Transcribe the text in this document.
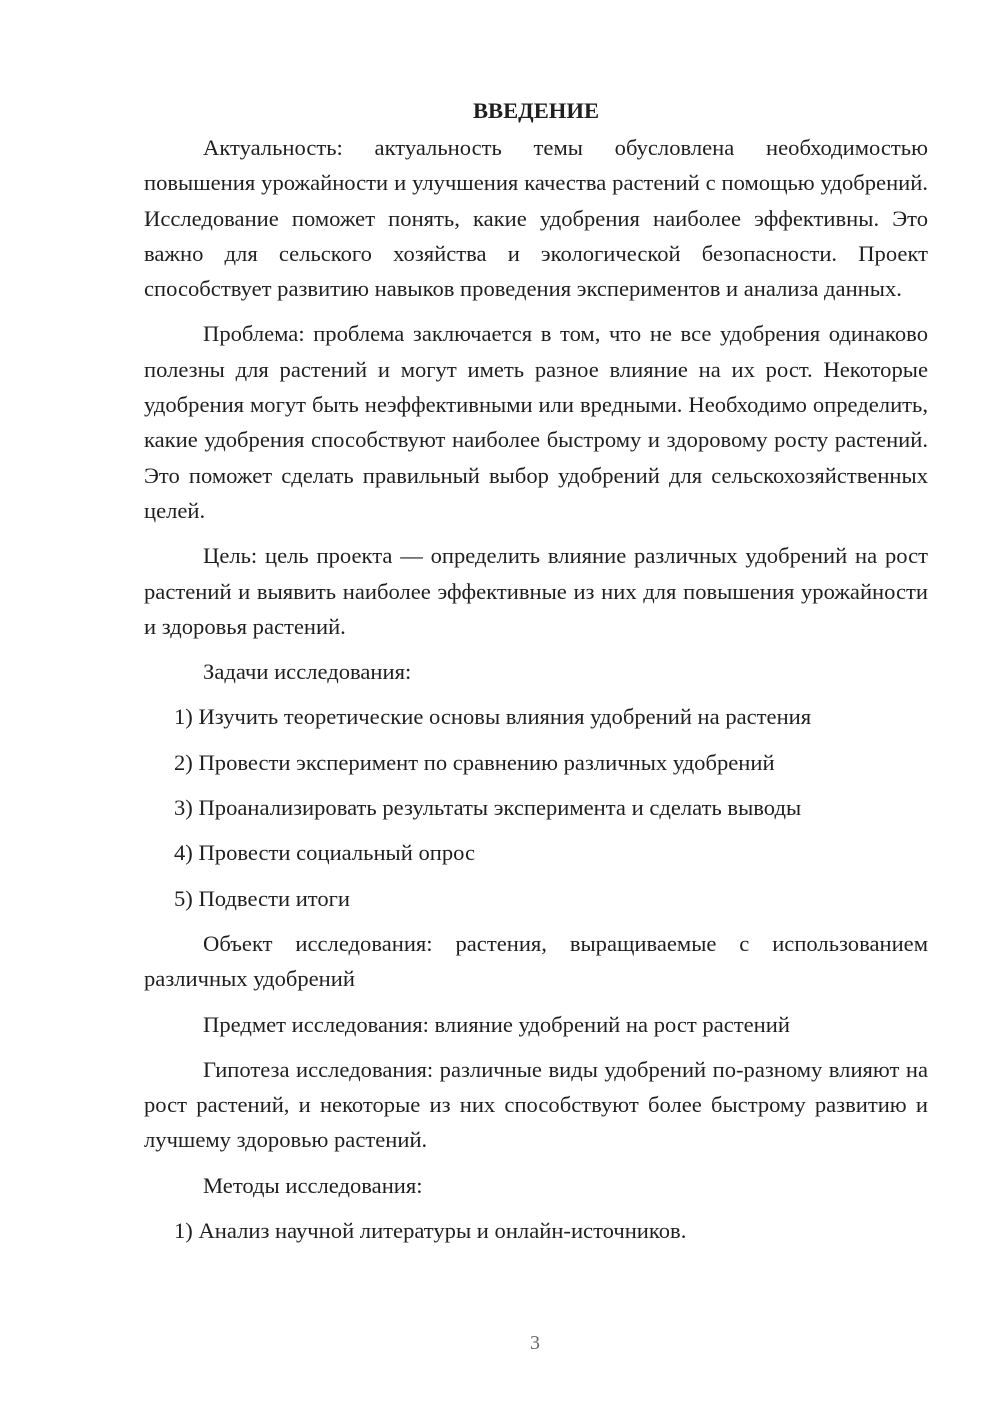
ВВЕДЕНИЕ

Актуальность: актуальность темы обусловлена необходимостью повышения урожайности и улучшения качества растений с помощью удобрений. Исследование поможет понять, какие удобрения наиболее эффективны. Это важно для сельского хозяйства и экологической безопасности. Проект способствует развитию навыков проведения экспериментов и анализа данных.

Проблема: проблема заключается в том, что не все удобрения одинаково полезны для растений и могут иметь разное влияние на их рост. Некоторые удобрения могут быть неэффективными или вредными. Необходимо определить, какие удобрения способствуют наиболее быстрому и здоровому росту растений. Это поможет сделать правильный выбор удобрений для сельскохозяйственных целей.

Цель: цель проекта — определить влияние различных удобрений на рост растений и выявить наиболее эффективные из них для повышения урожайности и здоровья растений.

Задачи исследования:

1) Изучить теоретические основы влияния удобрений на растения

2) Провести эксперимент по сравнению различных удобрений

3) Проанализировать результаты эксперимента и сделать выводы

4) Провести социальный опрос

5) Подвести итоги

Объект исследования: растения, выращиваемые с использованием различных удобрений

Предмет исследования: влияние удобрений на рост растений

Гипотеза исследования: различные виды удобрений по-разному влияют на рост растений, и некоторые из них способствуют более быстрому развитию и лучшему здоровью растений.

Методы исследования:

1) Анализ научной литературы и онлайн-источников.

3
